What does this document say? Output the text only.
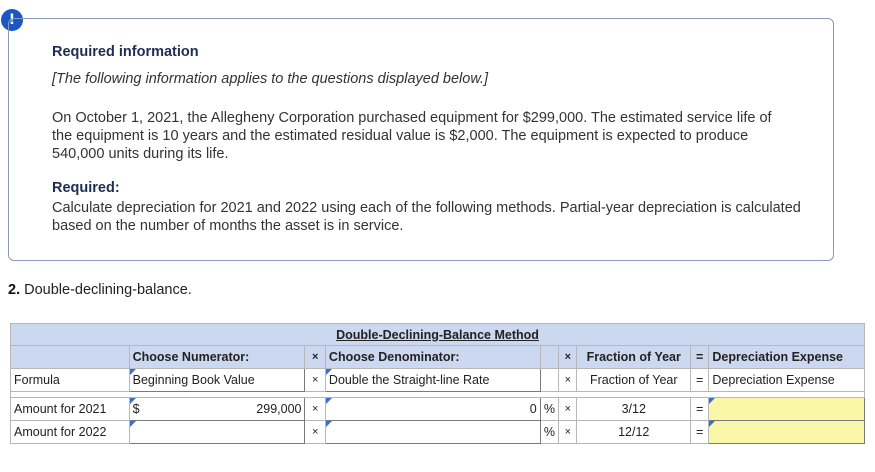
!
Required information
[The following information applies to the questions displayed below.]
On October 1, 2021, the Allegheny Corporation purchased equipment for $299,000. The estimated service life of the equipment is 10 years and the estimated residual value is $2,000. The equipment is expected to produce 540,000 units during its life.
Required:
Calculate depreciation for 2021 and 2022 using each of the following methods. Partial-year depreciation is calculated based on the number of months the asset is in service.
2. Double-declining-balance.
Double-Declining-Balance Method									
	Choose Numerator:		×	Choose Denominator:		×	Fraction of Year	=	Depreciation Expense
Formula	Beginning Book Value		×	Double the Straight-line Rate		×	Fraction of Year	=	Depreciation Expense

Amount for 2021	$	299,000	×	0	%	×	3/12	=	
Amount for 2022			×		%	×	12/12	=	
